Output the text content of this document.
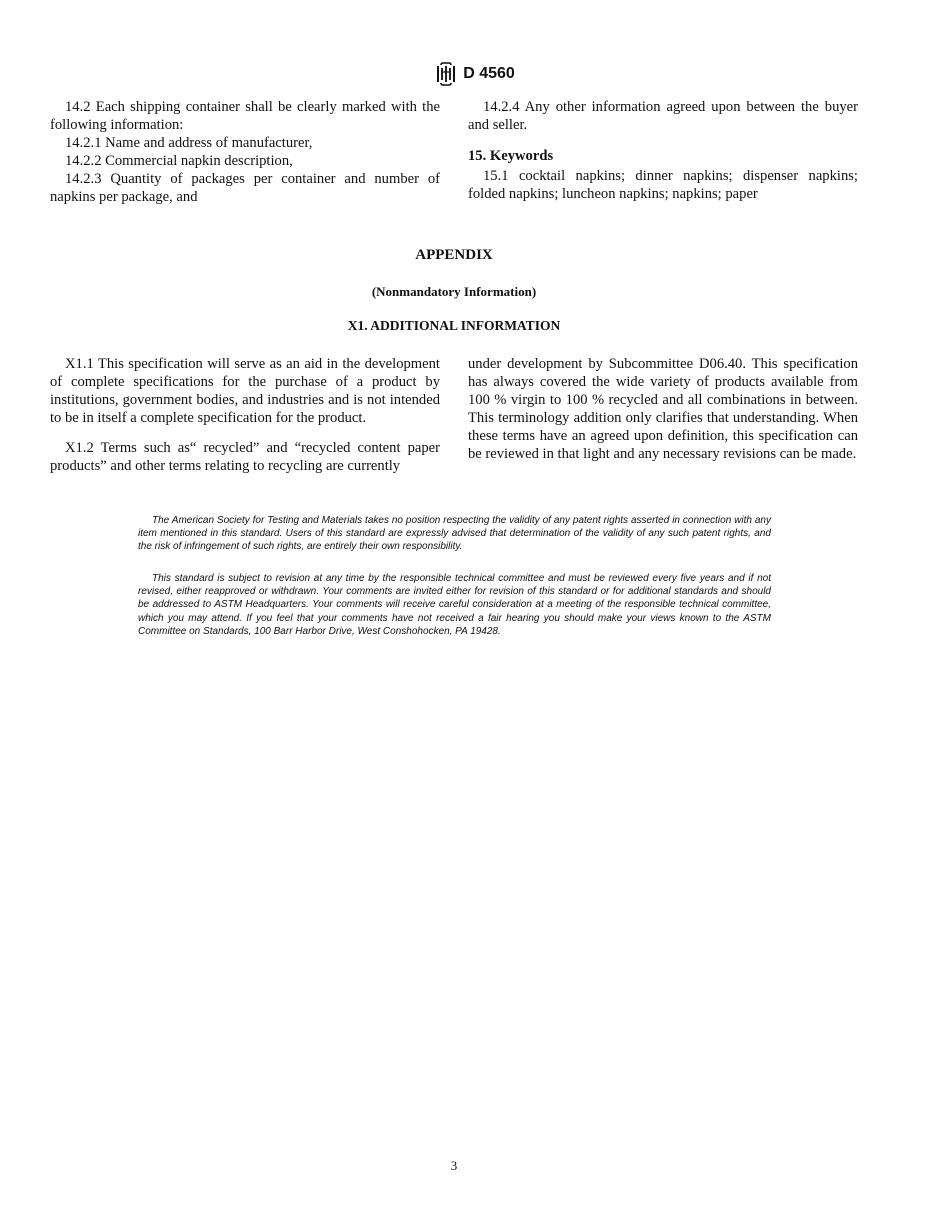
D 4560

14.2 Each shipping container shall be clearly marked with the following information:

14.2.1 Name and address of manufacturer,

14.2.2 Commercial napkin description,

14.2.3 Quantity of packages per container and number of napkins per package, and

14.2.4 Any other information agreed upon between the buyer and seller.

15. Keywords

15.1 cocktail napkins; dinner napkins; dispenser napkins; folded napkins; luncheon napkins; napkins; paper

APPENDIX
(Nonmandatory Information)
X1. ADDITIONAL INFORMATION

X1.1 This specification will serve as an aid in the development of complete specifications for the purchase of a product by institutions, government bodies, and industries and is not intended to be in itself a complete specification for the product.

X1.2 Terms such as“ recycled” and “recycled content paper products” and other terms relating to recycling are currently

under development by Subcommittee D06.40. This specification has always covered the wide variety of products available from 100 % virgin to 100 % recycled and all combinations in between. This terminology addition only clarifies that understanding. When these terms have an agreed upon definition, this specification can be reviewed in that light and any necessary revisions can be made.

The American Society for Testing and Materials takes no position respecting the validity of any patent rights asserted in connection with any item mentioned in this standard. Users of this standard are expressly advised that determination of the validity of any such patent rights, and the risk of infringement of such rights, are entirely their own responsibility.

This standard is subject to revision at any time by the responsible technical committee and must be reviewed every five years and if not revised, either reapproved or withdrawn. Your comments are invited either for revision of this standard or for additional standards and should be addressed to ASTM Headquarters. Your comments will receive careful consideration at a meeting of the responsible technical committee, which you may attend. If you feel that your comments have not received a fair hearing you should make your views known to the ASTM Committee on Standards, 100 Barr Harbor Drive, West Conshohocken, PA 19428.

3
